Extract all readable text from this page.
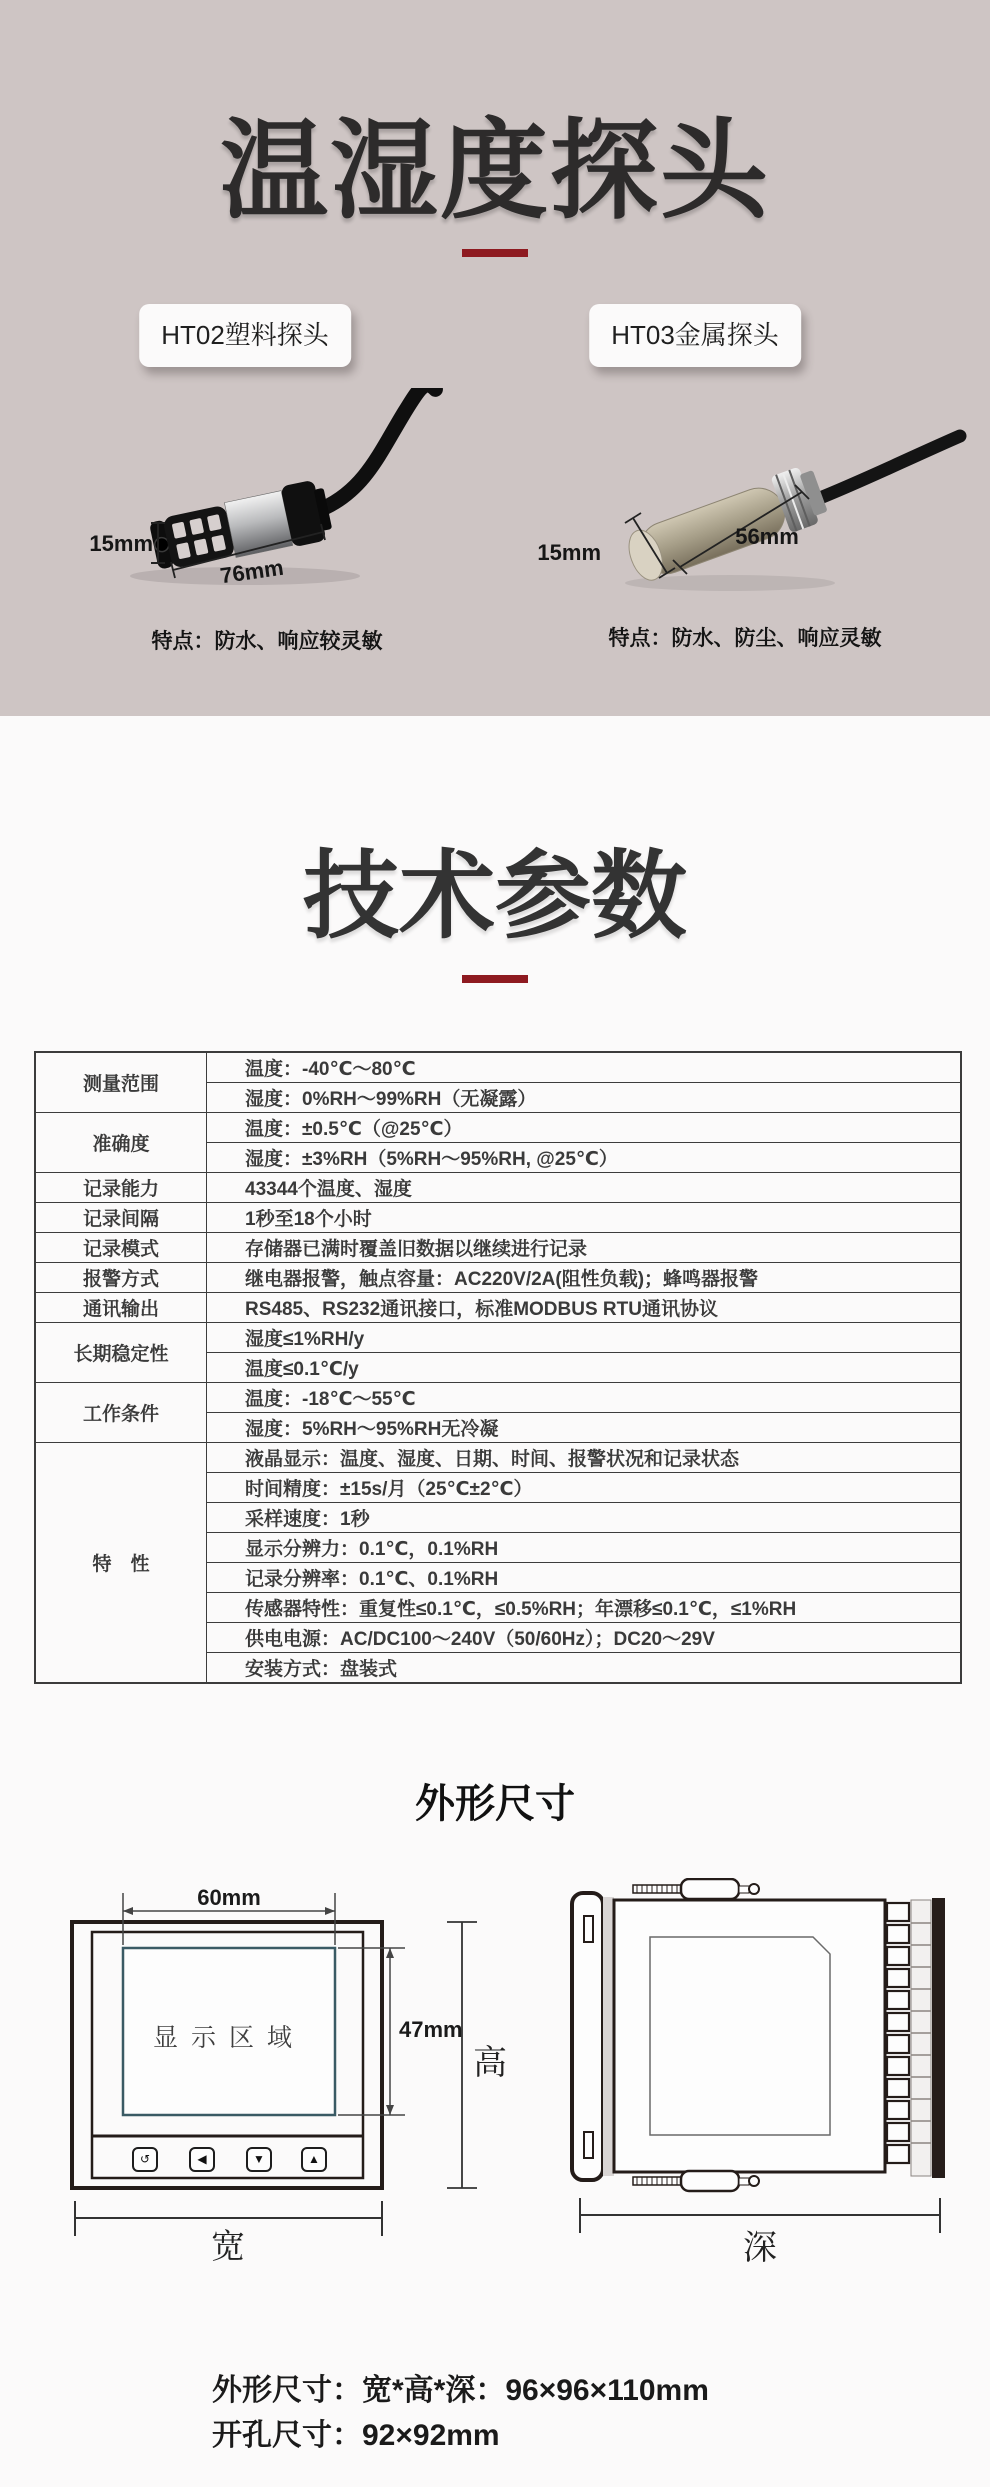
温湿度探头
HT02塑料探头	HT03金属探头
15mm
76mm
15mm
56mm
特点：防水、响应较灵敏	特点：防水、防尘、响应灵敏
技术参数
测量范围	温度：-40℃～80℃
	湿度：0%RH～99%RH（无凝露）
准确度	温度：±0.5℃（@25℃）
	湿度：±3%RH（5%RH～95%RH, @25℃）
记录能力	43344个温度、湿度
记录间隔	1秒至18个小时
记录模式	存储器已满时覆盖旧数据以继续进行记录
报警方式	继电器报警，触点容量：AC220V/2A(阻性负载)；蜂鸣器报警
通讯输出	RS485、RS232通讯接口，标准MODBUS RTU通讯协议
长期稳定性	湿度≤1%RH/y
	温度≤0.1℃/y
工作条件	温度：-18℃～55℃
	湿度：5%RH～95%RH无冷凝
特　性	液晶显示：温度、湿度、日期、时间、报警状况和记录状态
	时间精度：±15s/月（25℃±2℃）
	采样速度：1秒
	显示分辨力：0.1℃，0.1%RH
	记录分辨率：0.1℃、0.1%RH
	传感器特性：重复性≤0.1℃，≤0.5%RH；年漂移≤0.1℃，≤1%RH
	供电电源：AC/DC100～240V（50/60Hz）；DC20～29V
	安装方式：盘装式
外形尺寸
显示区域
60mm
47mm
高
宽
↺	◀	▼	▲
深
外形尺寸：宽*高*深：96×96×110mm
开孔尺寸：92×92mm
